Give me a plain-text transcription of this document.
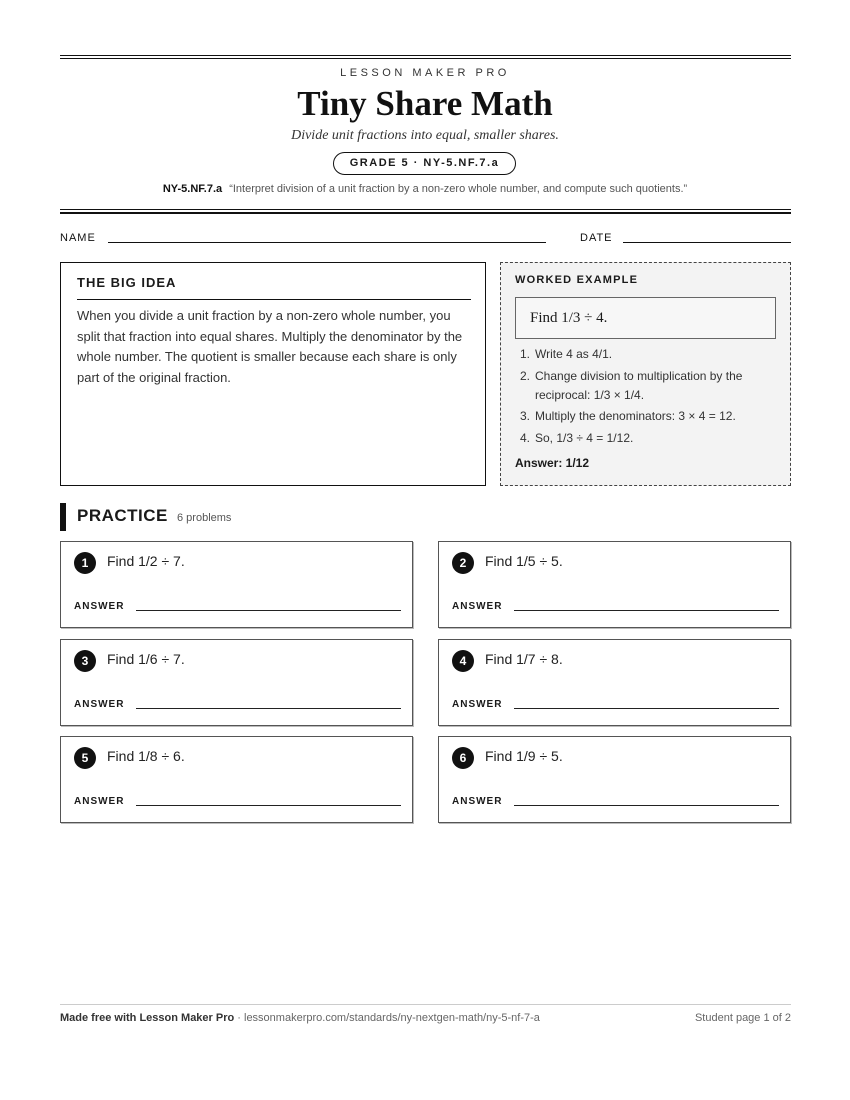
LESSON MAKER PRO
Tiny Share Math
Divide unit fractions into equal, smaller shares.
GRADE 5 · NY-5.NF.7.a
NY-5.NF.7.a “Interpret division of a unit fraction by a non-zero whole number, and compute such quotients.”
NAME	DATE
THE BIG IDEA
When you divide a unit fraction by a non-zero whole number, you split that fraction into equal shares. Multiply the denominator by the whole number. The quotient is smaller because each share is only part of the original fraction.
WORKED EXAMPLE
Find 1/3 ÷ 4.
1. Write 4 as 4/1.
2. Change division to multiplication by the reciprocal: 1/3 × 1/4.
3. Multiply the denominators: 3 × 4 = 12.
4. So, 1/3 ÷ 4 = 1/12.
Answer: 1/12
PRACTICE 6 problems
1	Find 1/2 ÷ 7.
ANSWER
2	Find 1/5 ÷ 5.
ANSWER
3	Find 1/6 ÷ 7.
ANSWER
4	Find 1/7 ÷ 8.
ANSWER
5	Find 1/8 ÷ 6.
ANSWER
6	Find 1/9 ÷ 5.
ANSWER
Made free with Lesson Maker Pro · lessonmakerpro.com/standards/ny-nextgen-math/ny-5-nf-7-a	Student page 1 of 2
